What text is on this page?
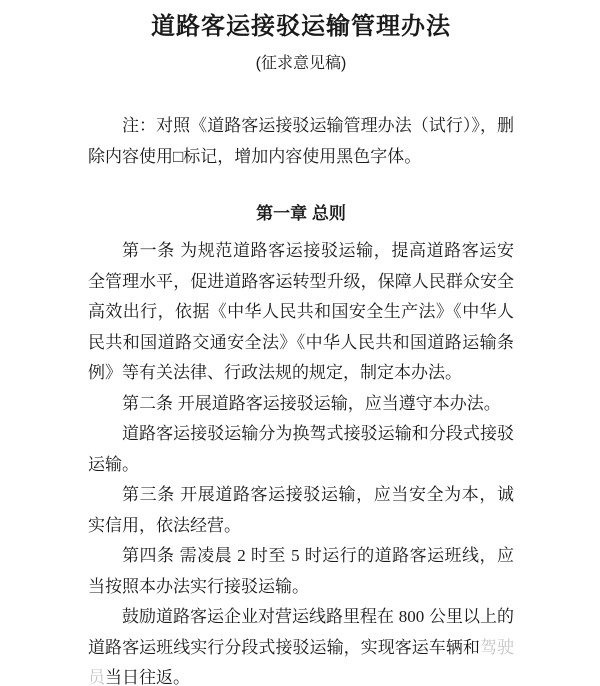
道路客运接驳运输管理办法
(征求意见稿)

注：对照《道路客运接驳运输管理办法（试行）》，删除内容使用□标记，增加内容使用黑色字体。

第一章 总则

第一条 为规范道路客运接驳运输，提高道路客运安全管理水平，促进道路客运转型升级，保障人民群众安全高效出行，依据《中华人民共和国安全生产法》《中华人民共和国道路交通安全法》《中华人民共和国道路运输条例》等有关法律、行政法规的规定，制定本办法。

第二条 开展道路客运接驳运输，应当遵守本办法。

道路客运接驳运输分为换驾式接驳运输和分段式接驳运输。

第三条 开展道路客运接驳运输，应当安全为本，诚实信用，依法经营。

第四条 需凌晨 2 时至 5 时运行的道路客运班线，应当按照本办法实行接驳运输。

鼓励道路客运企业对营运线路里程在 800 公里以上的道路客运班线实行分段式接驳运输，实现客运车辆和驾驶员当日往返。
